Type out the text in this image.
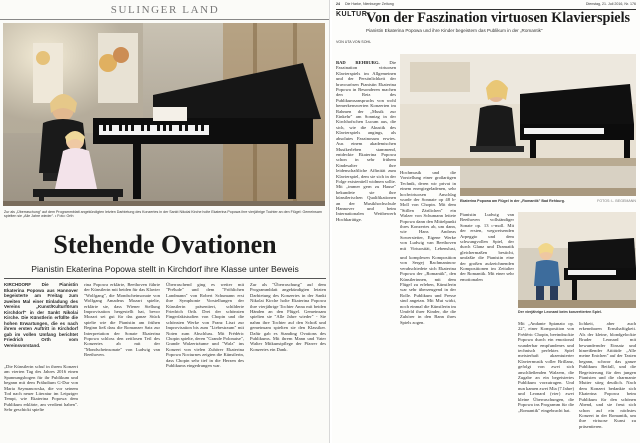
SULINGER LAND
Zur als „Überraschung" auf dem Programmblatt angekündigten letzten Darbietung des Konzertes in der Sankt Nikolai Kirche holte Ekaterina Popowa ihre vierjährige Tochter an den Flügel: Gemeinsam spielten sie „Alle Jahre wieder". • Foto: Orth
Stehende Ovationen
Pianistin Ekaterina Popowa stellt in Kirchdorf ihre Klasse unter Beweis
KIRCHDORF Die Pianistin Ekaterina Popowa aus Hannover begeisterte am Freitag zum zweiten Mal einer Einladung des Vereins „Kunst/Kulturförum Kirchdorf" in der Sankt Nikolai Kirche. Die Künstlerin erfüllte die hohen Erwartungen, die es nach ihrem ersten Auftritt in Kirchdorf gab im vollen Umfang berichtet Friedrich Orth vom Vereinsvorstand.
„Die Künstlerin schuf in ihrem Konzert am vierten Tag des Jahres 2016 einen Spannungsbogen für ihr Publikum und begann mit dem Präludium G-Dur von Maria Szymanowska, die vor seinem Tod nach neuer Literatur im Leipziger Tempi, wie Ekaterina Popowa dem Publikum erklärte, am verdient haben". Sehr geschickt spielte
rina Popowa erklärte, Beethoven führte der Künstlerin mit beiden für das Klavier "Wolfgang", die Mondscheinsonate von Wolfgang Amadeus Mozart spielte, erklärte sie, dass Wiener Stellung Improvisation hergestellt hat, bevor Mozart sei gut für das ganze Stück spielte wie die Pianistin am frühen Beginn ließ dass die Romanzer Satz zur Interpretation der Sonate Ekaterina Popowa schloss den zeitlosen Teil des Konzertes ab mit der "Mondscheinsonate" von Ludwig van Beethoven.
Überraschend ging es weiter mit "Prélude" und dem "Fröhlichen Landmann" von Robert Schumann erst ihre Symphonie Vorstellungen der Künstlerin präsentiert, schilderte Friedrich Orth. Drei der schönsten Fingerfaktstudien von Chopin und die schönsten Werke von Franz Liszt zur Improvisation bis zum "Liebestraum" mit Noten zum Abschluss. Mit Frédéric Chopin spielte, deren "Grande Polonaise", Grande Walzerträume und "Walz" ins Konzert von vielen Zuhörer Ekaterina Popowa Nocturnes zeigten die Künstlerin, dass Chopin sehr tief in die Herzen des Publikums eingedrungen war.
Zur als "Überraschung" auf dem Programmblatt angekündigten letzten Darbietung des Konzertes in der Sankt Nikolai Kirche holte Ekaterina Popowa ihre vierjährige Tochter Anna mit beiden Händen an den Flügel. Gemeinsam spielten sie "Alle Jahre wieder" - Sie nahm ihre Tochter auf den Schoß und gemeinsam spielten sie den Klassiker. Dafür gab es Standing Ovations des Publikums. Mit ihrem Mann und Vater Walter Mitkunstpflege der Pfarrer des Konzertes ein Dank.
24 Die Harke, Nienburger Zeitung	Dienstag, 21. Juli 2016, Nr. 176
KULTUR
Von der Faszination virtuosen Klavierspiels
Pianistin Ekaterina Popowa und ihre Kinder begeistern das Publikum in der „Romantik"
VON UTA VON SOHL
BAD REHBURG. Die Faszination virtuosen Klavierspiels im Allgemeinen und der Persönlichkeit der bravourösen Pianistin Ekaterina Popowa in Besonderen machen den Reiz des Publikumsanspruchs von wohl bemerkenswerten Konzerten im Rahmen der „Musik zur Einkehr" am Sonntag in der Kirchhofschen Lucum aus, die sich, wie die Akustik des Klavierspiels angings, als absolutes Faszinosum erwies. Aus einem akademischen Musikerleben stammend, entdeckte Ekaterina Popowa schon in sehr frühem Kindesalter ihre leidenschaftliche Affinität zum Klavierspiel, dem sie sich in der Folge existentiell widmen sollte. Mit „immer gern zu Hause" bekundete sie ihre künstlerischen Qualifikationen an der Musikhochschule Hannover und beim Internationalen Wettbewerb Hochkarätige.
Hochmusik und die Vorstellung einer großartigen Technik, deren wir privat in einem energiegeladenen, sehr hochvirtuosen Anschlag wurde der Sonnate op 48 b-Moll von Chopin. Mit dem "Stillen Zärtlichen" ein Walzer von Schumann leitete Popowa dann den Mittelpunkt ihres Konzertes ab, um dann, wie Hans Andreas Sowerstetter, Eigene Werke von Ludwig van Beethoven mit Virtuosität, Lebenslust,
Ekaterina Popowa am Flügel in der „Romantik" Bad Rehburg.	FOTOS: L. BEGEMANN
Pianistin Ludwig van Beethoven vollständiger Sonate op. 13 c-moll. Mit der ersten, wegweisenden Arpeggio und dem schwungvollen Spiel, der durch Glanz und Dramatik gleichermaßen besticht, umfaßte die Pianistin eine der großen aufzeichnenden Kompositionen im Zeitalter der Romantik. Mit einer sehr emotionalen
Der vierjährige Leonard beim konzertierten Spiel.
und komplexen Komposition von Sergej Rachmaninow verabschiedete sich Ekaterina Popowa der „Romantik", den Künstlerinnen, mit dem Flügel zu erleben, Künstlerin war sehr überzeugend in der Rolle. Publikum und Presse sind angetan. Mit Mut wirkt, noch einmal die Künstlerin im Umfeld ihrer Kinder, die die Zuhörer in den Bann ihres Spiels zogen.	Mit „Andante Spianato op. 22", einer Komposition von Frédéric Chopin, beeindruckte Popowa durch ein emotional wunderbar empfundenes und technisch perfektes Spiel meisterhaft akzentuierter Klaviermusik voller Brillanz, gefolgt von zwei sich anschließenden Walzern, die Zugabe an ein begeistertes Publikum vorzutragen. Und nun kamen zwei Mia (7 Jahre) und Leonard (vier) zwei kleine Überraschungen, die Popowa ins Programm für die „Romantik" eingebracht hat.
lichkeit, aber auch erkennbaren Ernsthaftigkeit. Als der kleine, blondgelockte Bruder Leonard mit bewundernder Einsatz und hinreißender Attitüde „Alle meine Entchen" auf der Tasten begann, schwor das ganze Publikum Beifall, und die Begeisterung für den jungen Pianisten und die charmante Mutter stieg deutlich. Nach dem Konzert bedankte sich Ekaterina Popowa beim Publikum für den schönen Abend, und sie freut sich schon auf ein nächstes Konzert in der Romantik, um ihre virtuose Kunst zu präsentieren.
